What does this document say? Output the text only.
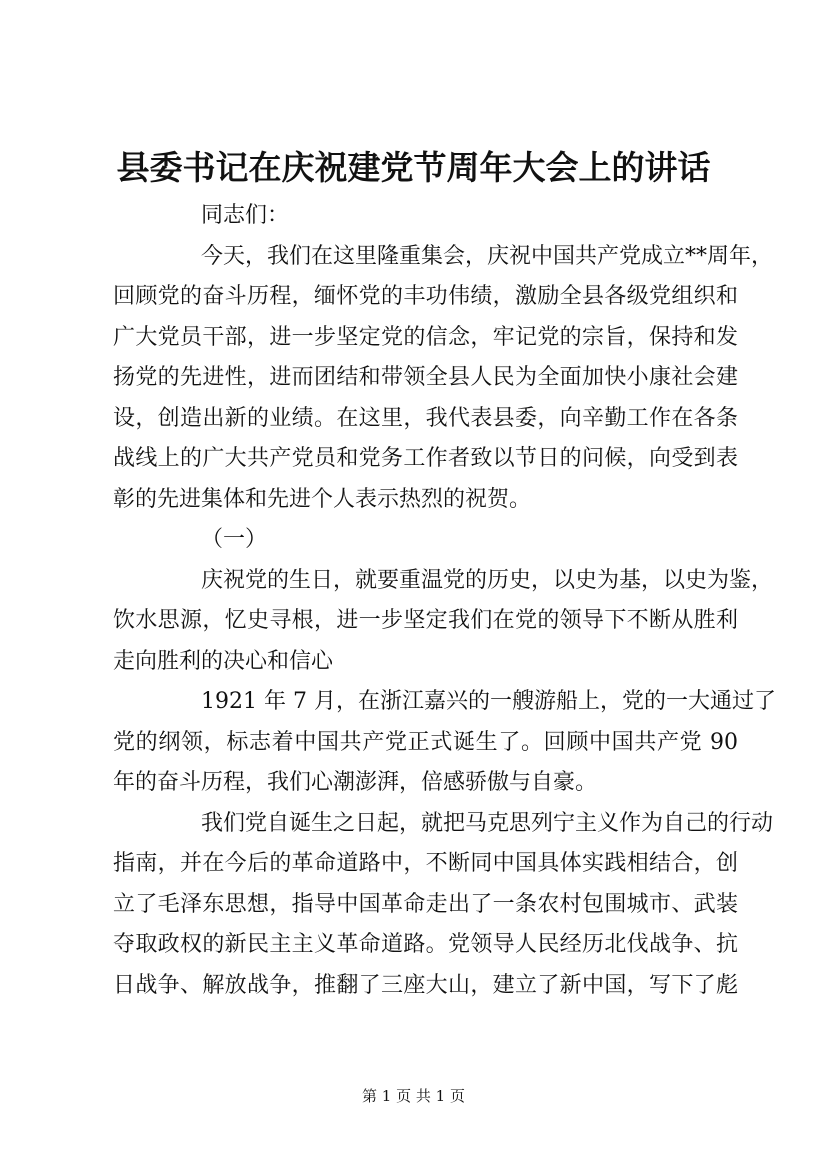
县委书记在庆祝建党节周年大会上的讲话

同志们：

今天，我们在这里隆重集会，庆祝中国共产党成立**周年，
回顾党的奋斗历程，缅怀党的丰功伟绩，激励全县各级党组织和
广大党员干部，进一步坚定党的信念，牢记党的宗旨，保持和发
扬党的先进性，进而团结和带领全县人民为全面加快小康社会建
设，创造出新的业绩。在这里，我代表县委，向辛勤工作在各条
战线上的广大共产党员和党务工作者致以节日的问候，向受到表
彰的先进集体和先进个人表示热烈的祝贺。

（一）

庆祝党的生日，就要重温党的历史，以史为基，以史为鉴，
饮水思源，忆史寻根，进一步坚定我们在党的领导下不断从胜利
走向胜利的决心和信心

1921 年 7 月，在浙江嘉兴的一艘游船上，党的一大通过了
党的纲领，标志着中国共产党正式诞生了。回顾中国共产党 90
年的奋斗历程，我们心潮澎湃，倍感骄傲与自豪。

我们党自诞生之日起，就把马克思列宁主义作为自己的行动
指南，并在今后的革命道路中，不断同中国具体实践相结合，创
立了毛泽东思想，指导中国革命走出了一条农村包围城市、武装
夺取政权的新民主主义革命道路。党领导人民经历北伐战争、抗
日战争、解放战争，推翻了三座大山，建立了新中国，写下了彪

第 1 页 共 1 页
